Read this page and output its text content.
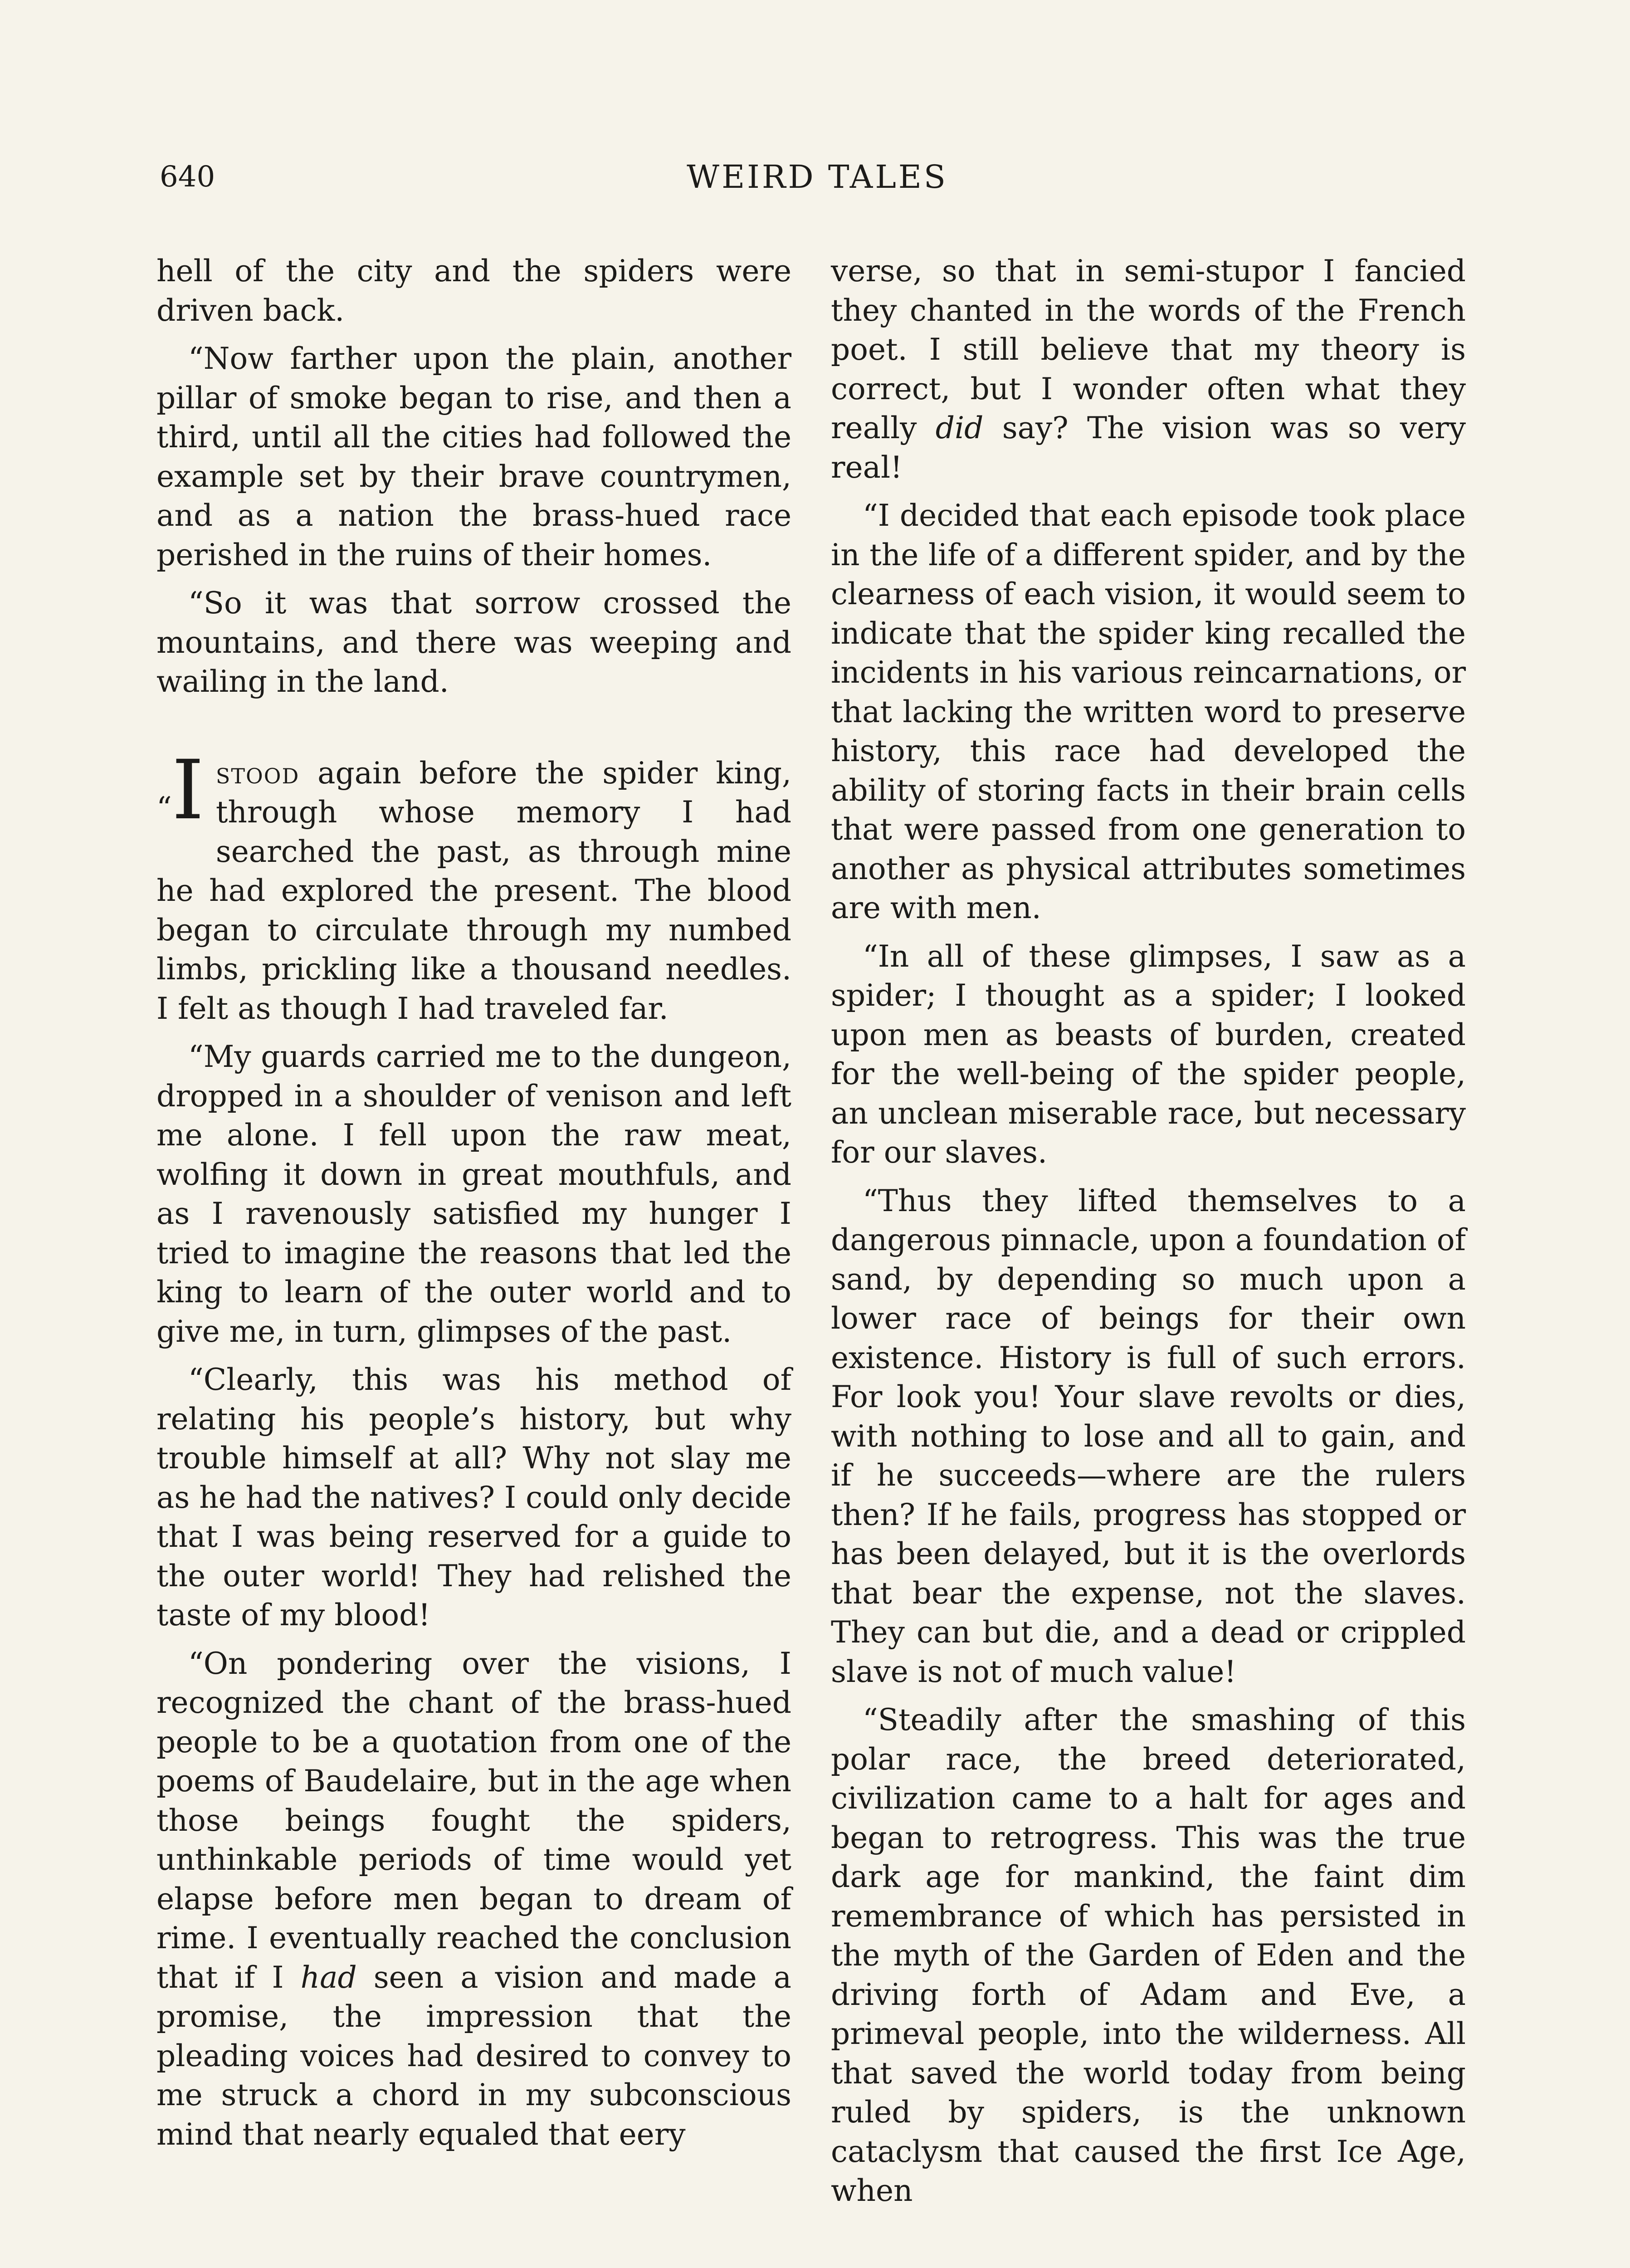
640	WEIRD TALES

hell of the city and the spiders were driven back.

“Now farther upon the plain, another pillar of smoke began to rise, and then a third, until all the cities had followed the example set by their brave countrymen, and as a nation the brass-hued race perished in the ruins of their homes.

“So it was that sorrow crossed the mountains, and there was weeping and wailing in the land.

“I stood again before the spider king, through whose memory I had searched the past, as through mine he had explored the present. The blood began to circulate through my numbed limbs, prickling like a thousand needles. I felt as though I had traveled far.

“My guards carried me to the dungeon, dropped in a shoulder of venison and left me alone. I fell upon the raw meat, wolfing it down in great mouthfuls, and as I ravenously satisfied my hunger I tried to imagine the reasons that led the king to learn of the outer world and to give me, in turn, glimpses of the past.

“Clearly, this was his method of relating his people’s history, but why trouble himself at all? Why not slay me as he had the natives? I could only decide that I was being reserved for a guide to the outer world! They had relished the taste of my blood!

“On pondering over the visions, I recognized the chant of the brass-hued people to be a quotation from one of the poems of Baudelaire, but in the age when those beings fought the spiders, unthinkable periods of time would yet elapse before men began to dream of rime. I eventually reached the conclusion that if I had seen a vision and made a promise, the impression that the pleading voices had desired to convey to me struck a chord in my subconscious mind that nearly equaled that eery

verse, so that in semi-stupor I fancied they chanted in the words of the French poet. I still believe that my theory is correct, but I wonder often what they really did say? The vision was so very real!

“I decided that each episode took place in the life of a different spider, and by the clearness of each vision, it would seem to indicate that the spider king recalled the incidents in his various reincarnations, or that lacking the written word to preserve history, this race had developed the ability of storing facts in their brain cells that were passed from one generation to another as physical attributes sometimes are with men.

“In all of these glimpses, I saw as a spider; I thought as a spider; I looked upon men as beasts of burden, created for the well-being of the spider people, an unclean miserable race, but necessary for our slaves.

“Thus they lifted themselves to a dangerous pinnacle, upon a foundation of sand, by depending so much upon a lower race of beings for their own existence. History is full of such errors. For look you! Your slave revolts or dies, with nothing to lose and all to gain, and if he succeeds—where are the rulers then? If he fails, progress has stopped or has been delayed, but it is the overlords that bear the expense, not the slaves. They can but die, and a dead or crippled slave is not of much value!

“Steadily after the smashing of this polar race, the breed deteriorated, civilization came to a halt for ages and began to retrogress. This was the true dark age for mankind, the faint dim remembrance of which has persisted in the myth of the Garden of Eden and the driving forth of Adam and Eve, a primeval people, into the wilderness. All that saved the world today from being ruled by spiders, is the unknown cataclysm that caused the first Ice Age, when
